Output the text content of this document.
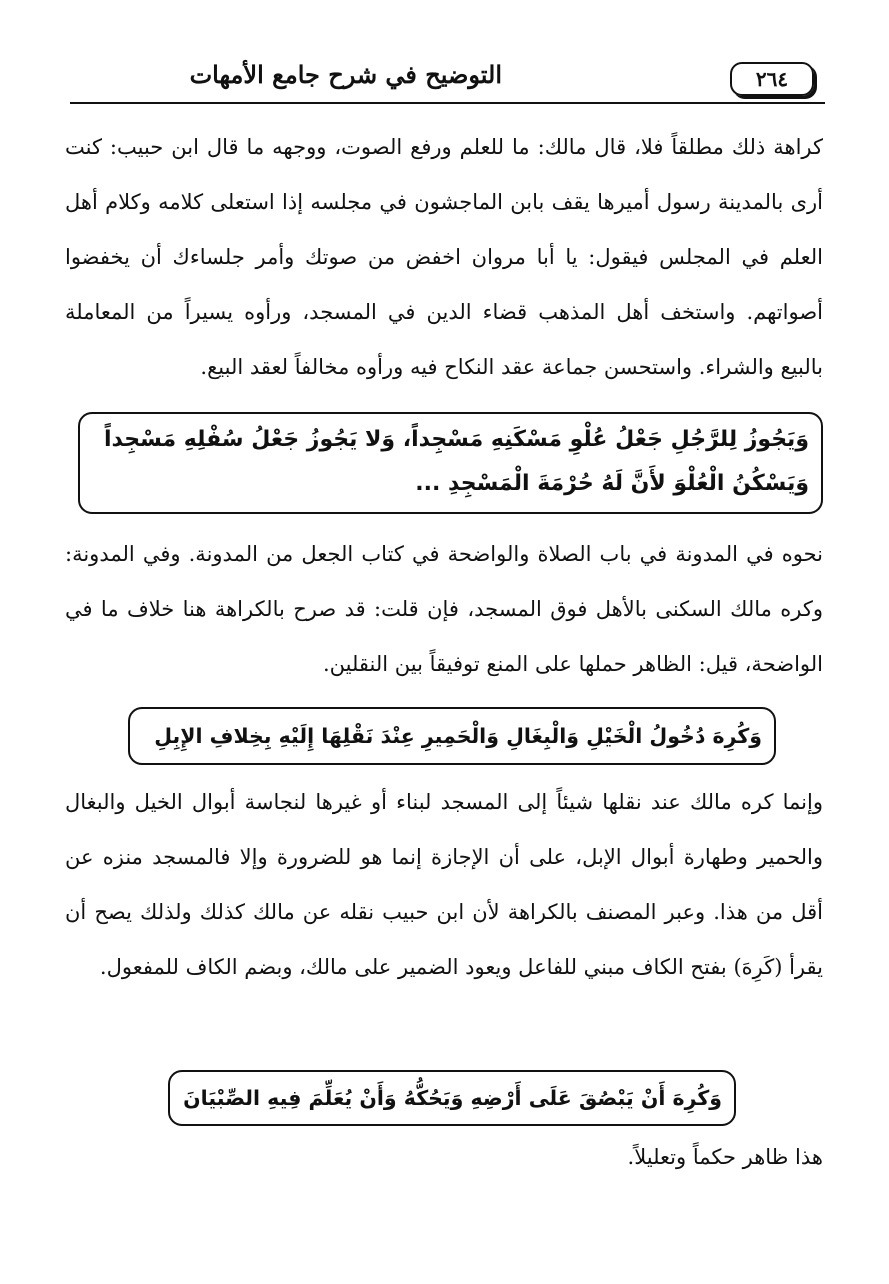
٢٦٤
التوضيح في شرح جامع الأمهات

كراهة ذلك مطلقاً فلا، قال مالك: ما للعلم ورفع الصوت، ووجهه ما قال ابن حبيب: كنت أرى بالمدينة رسول أميرها يقف بابن الماجشون في مجلسه إذا استعلى كلامه وكلام أهل العلم في المجلس فيقول: يا أبا مروان اخفض من صوتك وأمر جلساءك أن يخفضوا أصواتهم. واستخف أهل المذهب قضاء الدين في المسجد، ورأوه يسيراً من المعاملة بالبيع والشراء. واستحسن جماعة عقد النكاح فيه ورأوه مخالفاً لعقد البيع.

وَيَجُوزُ لِلرَّجُلِ جَعْلُ عُلْوِ مَسْكَنِهِ مَسْجِداً، وَلا يَجُوزُ جَعْلُ سُفْلِهِ مَسْجِداً
وَيَسْكُنُ الْعُلْوَ لأَنَّ لَهُ حُرْمَةَ الْمَسْجِدِ ...

نحوه في المدونة في باب الصلاة والواضحة في كتاب الجعل من المدونة. وفي المدونة: وكره مالك السكنى بالأهل فوق المسجد، فإن قلت: قد صرح بالكراهة هنا خلاف ما في الواضحة، قيل: الظاهر حملها على المنع توفيقاً بين النقلين.

وَكُرِهَ دُخُولُ الْخَيْلِ وَالْبِغَالِ وَالْحَمِيرِ عِنْدَ نَقْلِهَا إِلَيْهِ بِخِلافِ الإِبِلِ

وإنما كره مالك عند نقلها شيئاً إلى المسجد لبناء أو غيرها لنجاسة أبوال الخيل والبغال والحمير وطهارة أبوال الإبل، على أن الإجازة إنما هو للضرورة وإلا فالمسجد منزه عن أقل من هذا. وعبر المصنف بالكراهة لأن ابن حبيب نقله عن مالك كذلك ولذلك يصح أن يقرأ (كَرِهَ) بفتح الكاف مبني للفاعل ويعود الضمير على مالك، وبضم الكاف للمفعول.

وَكُرِهَ أَنْ يَبْصُقَ عَلَى أَرْضِهِ وَيَحُكُّهُ وَأَنْ يُعَلِّمَ فِيهِ الصِّبْيَانَ

هذا ظاهر حكماً وتعليلاً.
